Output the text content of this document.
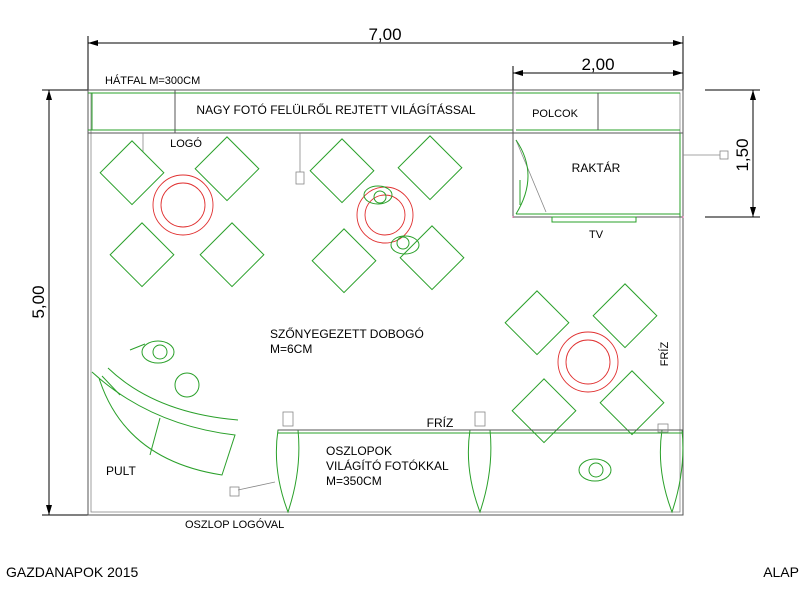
7,00
2,00
5,00
1,50
HÁTFAL M=300CM
NAGY FOTÓ FELÜLRŐL REJTETT VILÁGÍTÁSSAL	POLCOK
LOGÓ
RAKTÁR
TV
SZŐNYEGEZETT DOBOGÓ
M=6CM	FRÍZ
FRÍZ
PULT
OSZLOPOK
VILÁGÍTÓ FOTÓKKAL
M=350CM
OSZLOP LOGÓVAL
GAZDANAPOK 2015	ALAP
